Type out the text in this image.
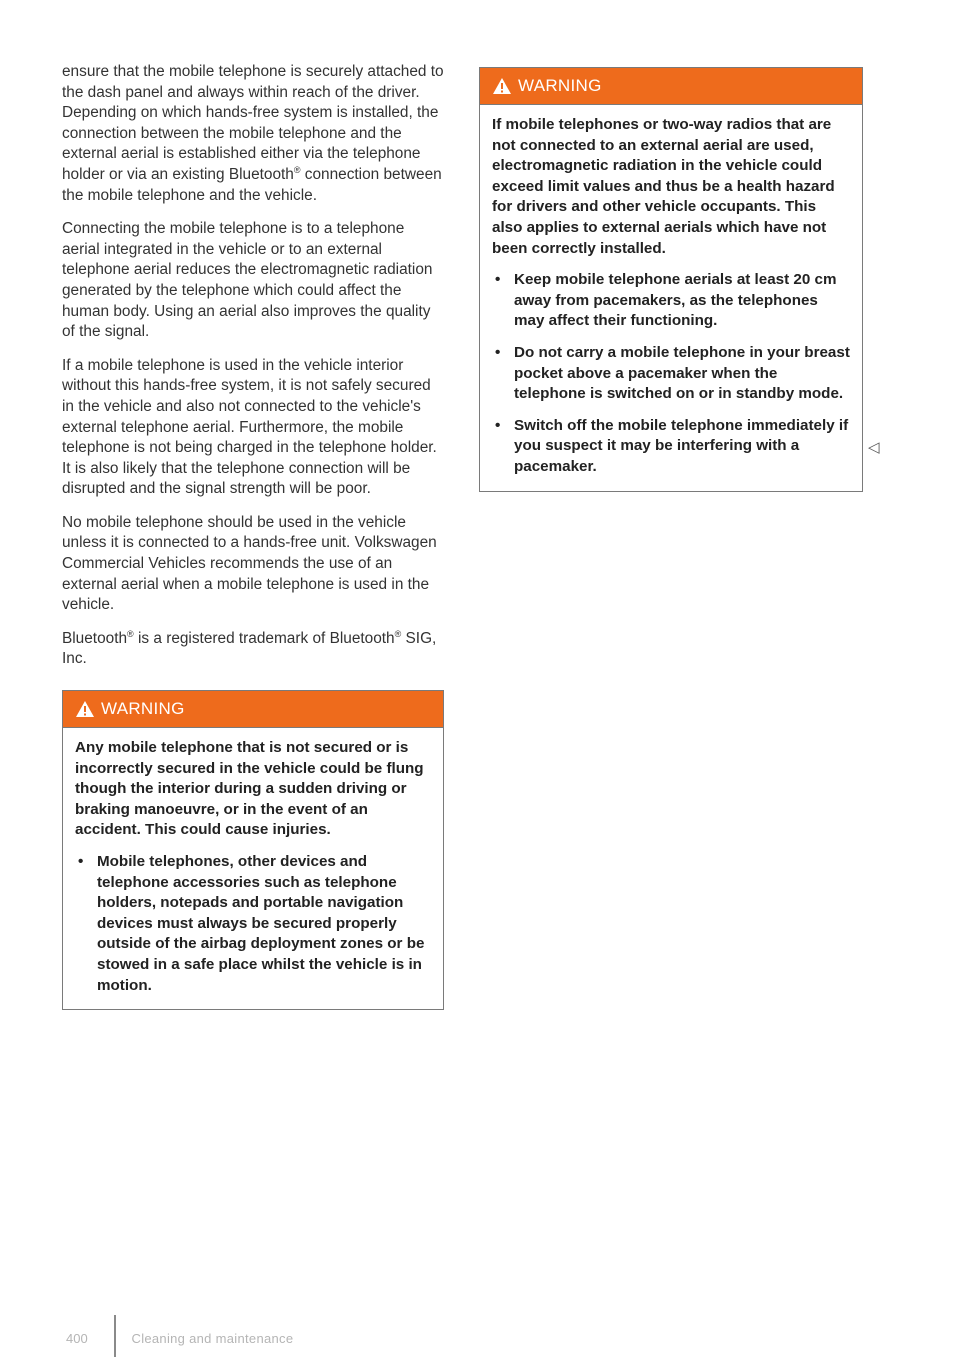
ensure that the mobile telephone is securely attached to the dash panel and always within reach of the driver. Depending on which hands-free system is installed, the connection between the mobile telephone and the external aerial is established either via the telephone holder or via an existing Bluetooth® connection between the mobile telephone and the vehicle.

Connecting the mobile telephone is to a telephone aerial integrated in the vehicle or to an external telephone aerial reduces the electromagnetic radiation generated by the telephone which could affect the human body. Using an aerial also improves the quality of the signal.

If a mobile telephone is used in the vehicle interior without this hands-free system, it is not safely secured in the vehicle and also not connected to the vehicle's external telephone aerial. Furthermore, the mobile telephone is not being charged in the telephone holder. It is also likely that the telephone connection will be disrupted and the signal strength will be poor.

No mobile telephone should be used in the vehicle unless it is connected to a hands-free unit. Volkswagen Commercial Vehicles recommends the use of an external aerial when a mobile telephone is used in the vehicle.

Bluetooth® is a registered trademark of Bluetooth® SIG, Inc.

WARNING

Any mobile telephone that is not secured or is incorrectly secured in the vehicle could be flung though the interior during a sudden driving or braking manoeuvre, or in the event of an accident. This could cause injuries.

• Mobile telephones, other devices and telephone accessories such as telephone holders, notepads and portable navigation devices must always be secured properly outside of the airbag deployment zones or be stowed in a safe place whilst the vehicle is in motion.

WARNING

If mobile telephones or two-way radios that are not connected to an external aerial are used, electromagnetic radiation in the vehicle could exceed limit values and thus be a health hazard for drivers and other vehicle occupants. This also applies to external aerials which have not been correctly installed.

• Keep mobile telephone aerials at least 20 cm away from pacemakers, as the telephones may affect their functioning.

• Do not carry a mobile telephone in your breast pocket above a pacemaker when the telephone is switched on or in standby mode.

• Switch off the mobile telephone immediately if you suspect it may be interfering with a pacemaker.

◁
400	Cleaning and maintenance
